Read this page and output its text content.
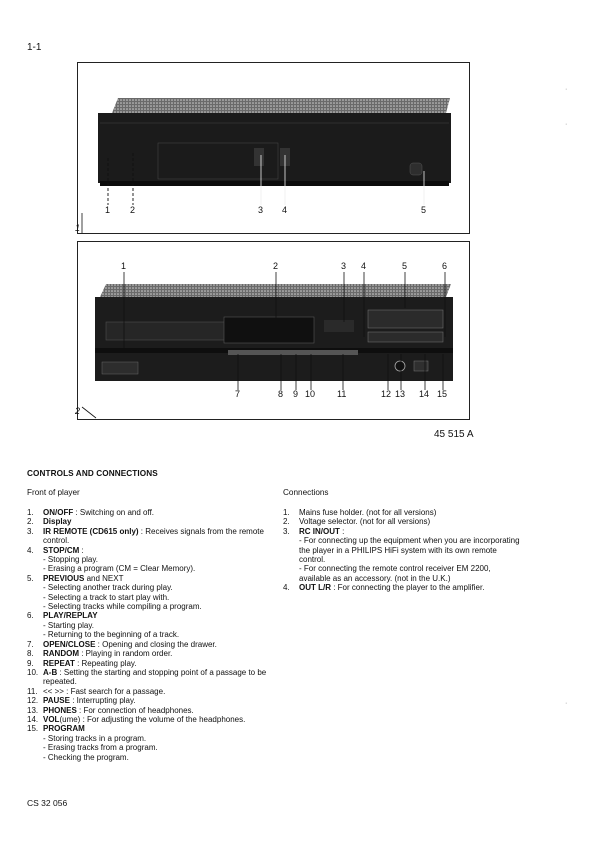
1-1
1 2	3 4	5
1
1	2	3 4	5	6
7	8 9 10 11	12 13 14 15
2
45 515 A
·
·
·
CONTROLS AND CONNECTIONS
Front of player
1. ON/OFF : Switching on and off.
2. Display
3. IR REMOTE (CD615 only) : Receives signals from the remote control.
4. STOP/CM :
- Stopping play.
- Erasing a program (CM = Clear Memory).
5. PREVIOUS and NEXT
- Selecting another track during play.
- Selecting a track to start play with.
- Selecting tracks while compiling a program.
6. PLAY/REPLAY
- Starting play.
- Returning to the beginning of a track.
7. OPEN/CLOSE : Opening and closing the drawer.
8. RANDOM : Playing in random order.
9. REPEAT : Repeating play.
10. A-B : Setting the starting and stopping point of a passage to be repeated.
11. << >> : Fast search for a passage.
12. PAUSE : Interrupting play.
13. PHONES : For connection of headphones.
14. VOL(ume) : For adjusting the volume of the headphones.
15. PROGRAM
- Storing tracks in a program.
- Erasing tracks from a program.
- Checking the program.
Connections
1. Mains fuse holder. (not for all versions)
2. Voltage selector. (not for all versions)
3. RC IN/OUT :
- For connecting up the equipment when you are incorporating the player in a PHILIPS HiFi system with its own remote control.
- For connecting the remote control receiver EM 2200, available as an accessory. (not in the U.K.)
4. OUT L/R : For connecting the player to the amplifier.
CS 32 056
